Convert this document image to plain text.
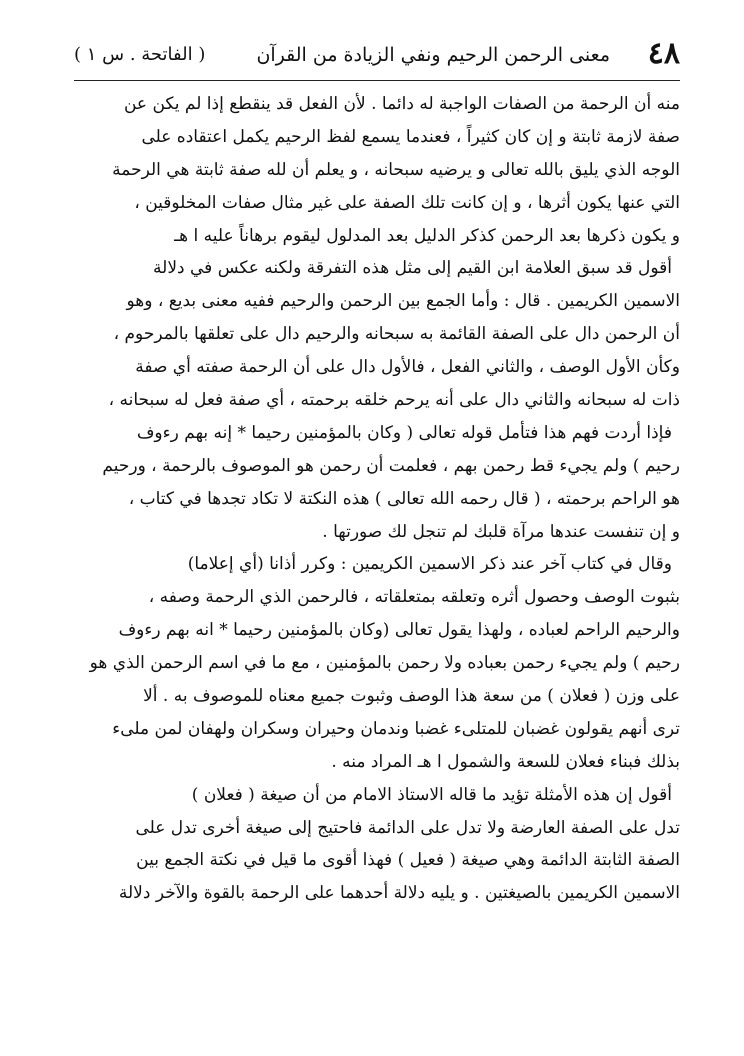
٤٨
معنى الرحمن الرحيم ونفي الزيادة من القرآن
( الفاتحة . س ١ )
منه أن الرحمة من الصفات الواجبة له دائما . لأن الفعل قد ينقطع إذا لم يكن عن
صفة لازمة ثابتة و إن كان كثيراً ، فعندما يسمع لفظ الرحيم يكمل اعتقاده على
الوجه الذي يليق بالله تعالى و يرضيه سبحانه ، و يعلم أن لله صفة ثابتة هي الرحمة
التي عنها يكون أثرها ، و إن كانت تلك الصفة على غير مثال صفات المخلوقين ،
و يكون ذكرها بعد الرحمن كذكر الدليل بعد المدلول ليقوم برهاناً عليه ا هـ
أقول قد سبق العلامة ابن القيم إلى مثل هذه التفرقة ولكنه عكس في دلالة
الاسمين الكريمين . قال : وأما الجمع بين الرحمن والرحيم ففيه معنى بديع ، وهو
أن الرحمن دال على الصفة القائمة به سبحانه والرحيم دال على تعلقها بالمرحوم ،
وكأن الأول الوصف ، والثاني الفعل ، فالأول دال على أن الرحمة صفته أي صفة
ذات له سبحانه والثاني دال على أنه يرحم خلقه برحمته ، أي صفة فعل له سبحانه ،
فإذا أردت فهم هذا فتأمل قوله تعالى ( وكان بالمؤمنين رحيما * إنه بهم رءوف
رحيم ) ولم يجيء قط رحمن بهم ، فعلمت أن رحمن هو الموصوف بالرحمة ، ورحيم
هو الراحم برحمته ، ( قال رحمه الله تعالى ) هذه النكتة لا تكاد تجدها في كتاب ،
و إن تنفست عندها مرآة قلبك لم تنجل لك صورتها .
وقال في كتاب آخر عند ذكر الاسمين الكريمين : وكرر أذانا (أي إعلاما)
بثبوت الوصف وحصول أثره وتعلقه بمتعلقاته ، فالرحمن الذي الرحمة وصفه ،
والرحيم الراحم لعباده ، ولهذا يقول تعالى (وكان بالمؤمنين رحيما * انه بهم رءوف
رحيم ) ولم يجيء رحمن بعباده ولا رحمن بالمؤمنين ، مع ما في اسم الرحمن الذي هو
على وزن ( فعلان ) من سعة هذا الوصف وثبوت جميع معناه للموصوف به . ألا
ترى أنهم يقولون غضبان للمتلىء غضبا وندمان وحيران وسكران ولهفان لمن ملىء
بذلك فبناء فعلان للسعة والشمول ا هـ المراد منه .
أقول إن هذه الأمثلة تؤيد ما قاله الاستاذ الامام من أن صيغة ( فعلان )
تدل على الصفة العارضة ولا تدل على الدائمة فاحتيج إلى صيغة أخرى تدل على
الصفة الثابتة الدائمة وهي صيغة ( فعيل ) فهذا أقوى ما قيل في نكتة الجمع بين
الاسمين الكريمين بالصيغتين . و يليه دلالة أحدهما على الرحمة بالقوة والآخر دلالة
